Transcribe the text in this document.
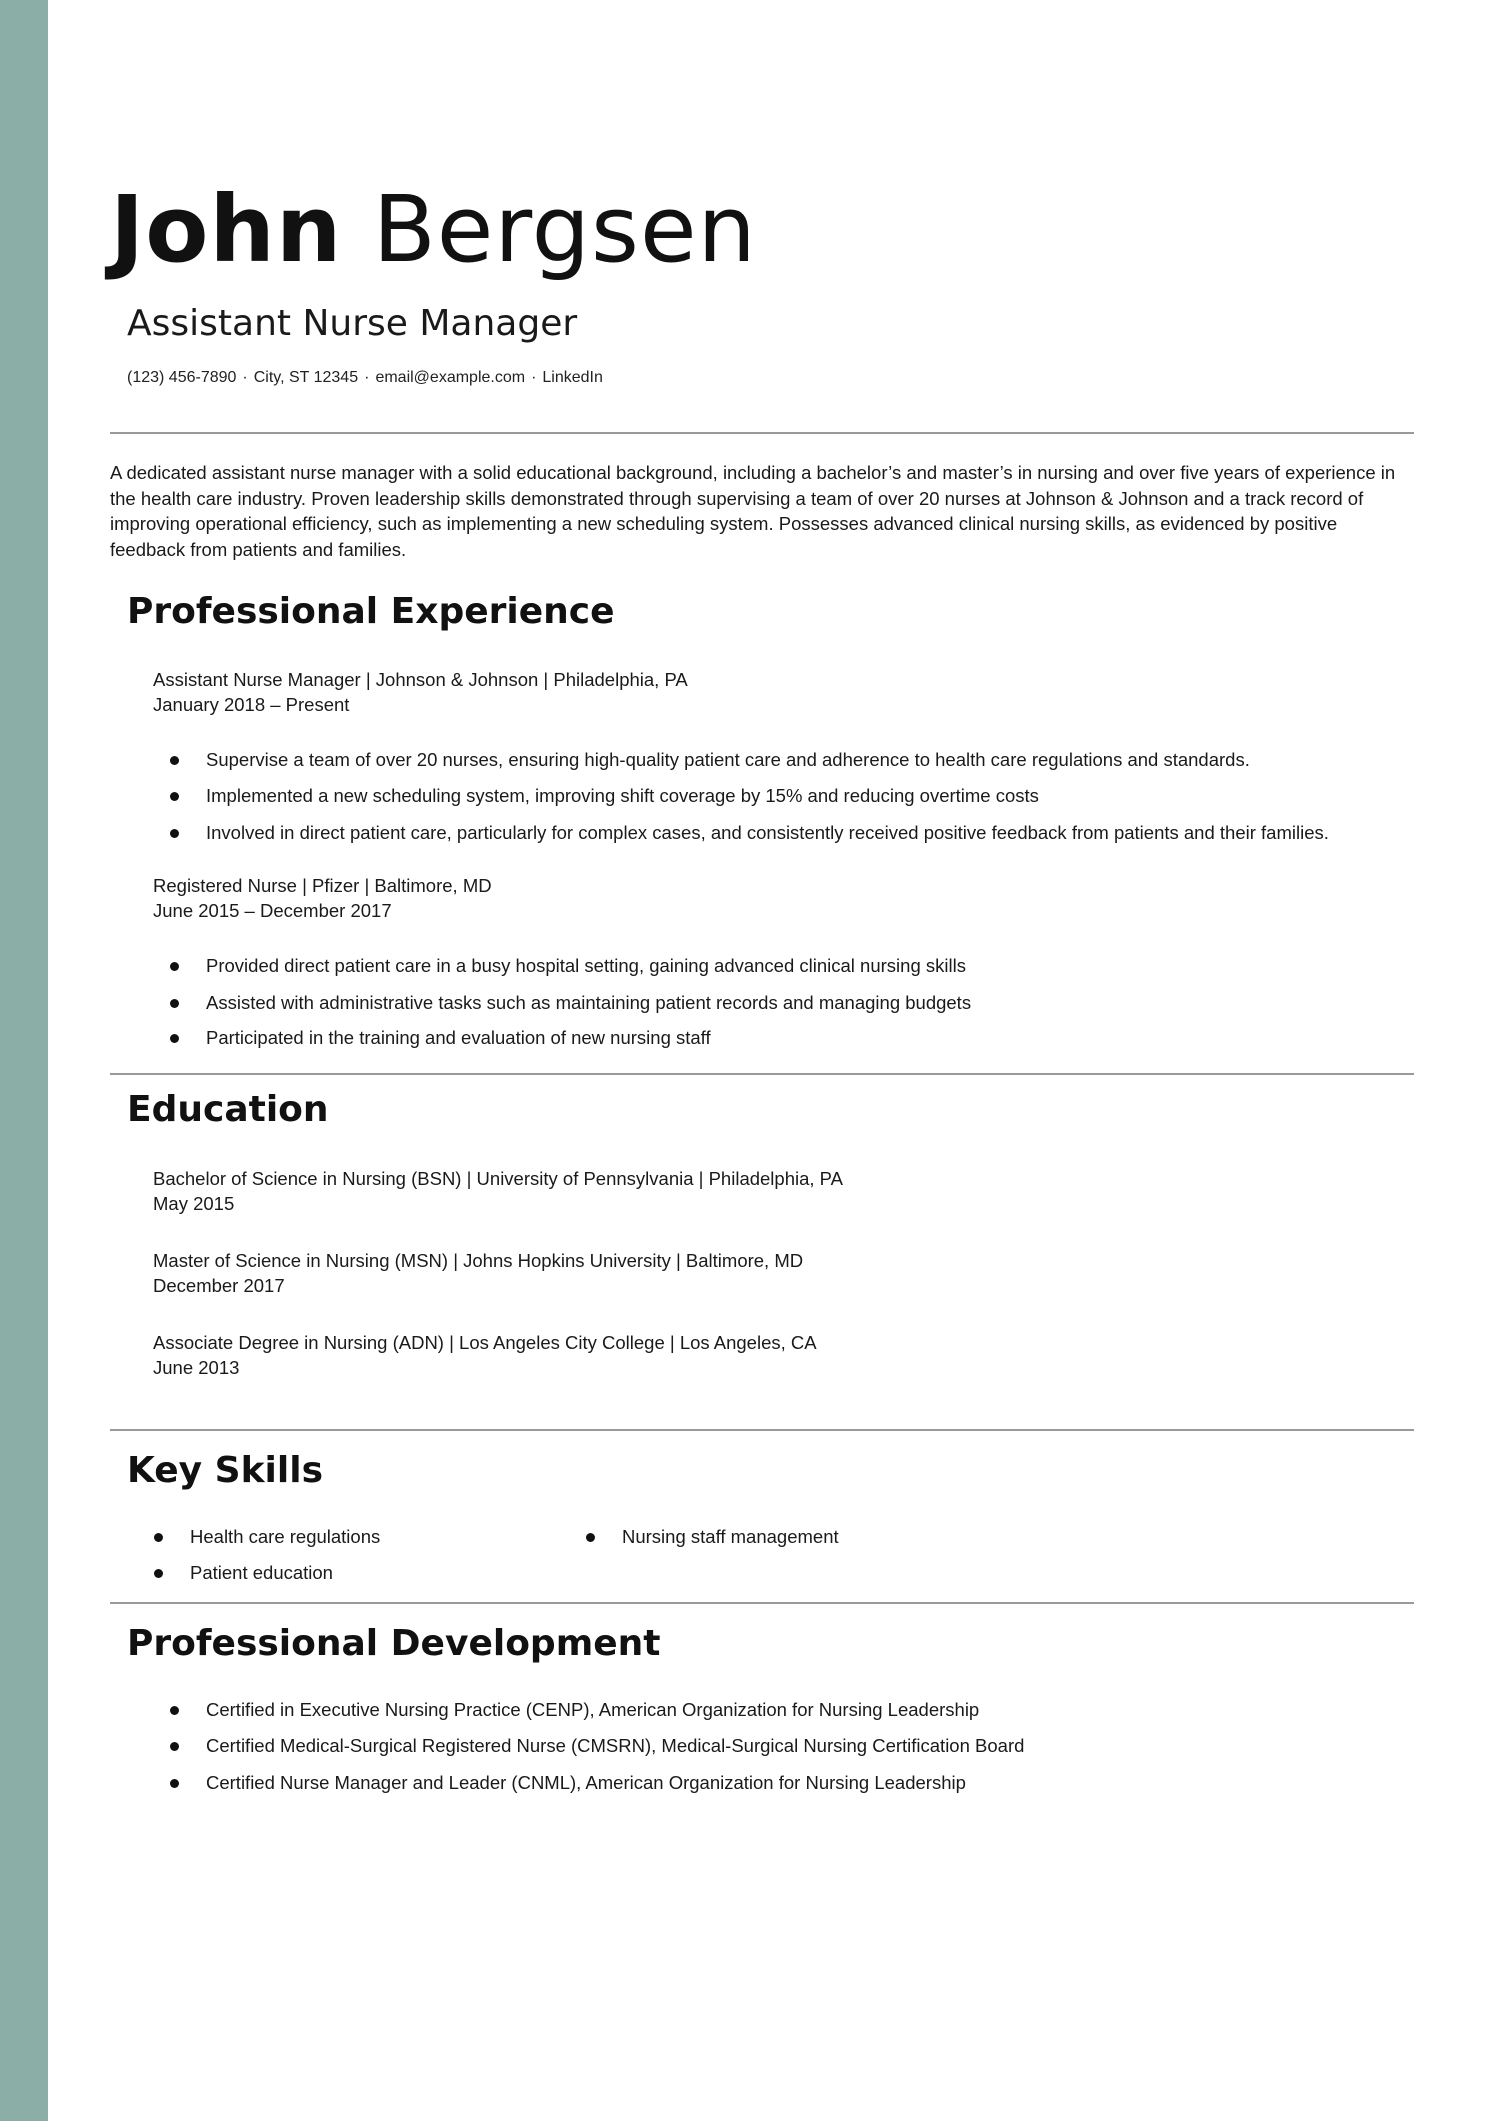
John Bergsen
Assistant Nurse Manager
(123) 456-7890 · City, ST 12345 · email@example.com · LinkedIn
A dedicated assistant nurse manager with a solid educational background, including a bachelor’s and master’s in nursing and over five years of experience in the health care industry. Proven leadership skills demonstrated through supervising a team of over 20 nurses at Johnson & Johnson and a track record of improving operational efficiency, such as implementing a new scheduling system. Possesses advanced clinical nursing skills, as evidenced by positive feedback from patients and families.
Professional Experience
Assistant Nurse Manager | Johnson & Johnson | Philadelphia, PA
January 2018 – Present
Supervise a team of over 20 nurses, ensuring high-quality patient care and adherence to health care regulations and standards.
Implemented a new scheduling system, improving shift coverage by 15% and reducing overtime costs
Involved in direct patient care, particularly for complex cases, and consistently received positive feedback from patients and their families.
Registered Nurse | Pfizer | Baltimore, MD
June 2015 – December 2017
Provided direct patient care in a busy hospital setting, gaining advanced clinical nursing skills
Assisted with administrative tasks such as maintaining patient records and managing budgets
Participated in the training and evaluation of new nursing staff
Education
Bachelor of Science in Nursing (BSN) | University of Pennsylvania | Philadelphia, PA
May 2015
Master of Science in Nursing (MSN) | Johns Hopkins University | Baltimore, MD
December 2017
Associate Degree in Nursing (ADN) | Los Angeles City College | Los Angeles, CA
June 2013
Key Skills
Health care regulations	Nursing staff management
Patient education
Professional Development
Certified in Executive Nursing Practice (CENP), American Organization for Nursing Leadership
Certified Medical-Surgical Registered Nurse (CMSRN), Medical-Surgical Nursing Certification Board
Certified Nurse Manager and Leader (CNML), American Organization for Nursing Leadership
